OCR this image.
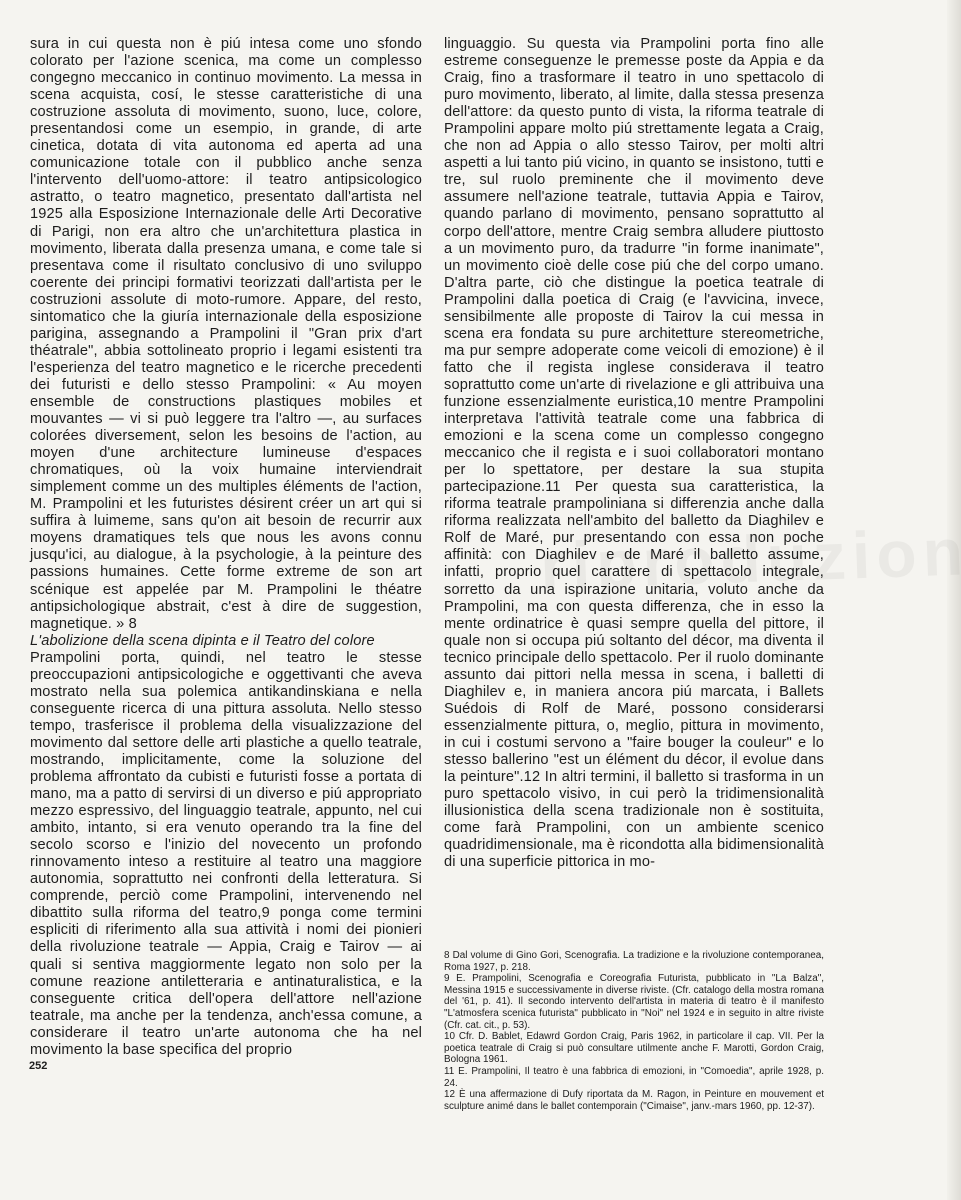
sura in cui questa non è piú intesa come uno sfondo colorato per l'azione scenica, ma come un complesso congegno meccanico in continuo movimento. La messa in scena acquista, cosí, le stesse caratteristiche di una costruzione assoluta di movimento, suono, luce, colore, presentandosi come un esempio, in grande, di arte cinetica, dotata di vita autonoma ed aperta ad una comunicazione totale con il pubblico anche senza l'intervento dell'uomo-attore: il teatro antipsicologico astratto, o teatro magnetico, presentato dall'artista nel 1925 alla Esposizione Internazionale delle Arti Decorative di Parigi, non era altro che un'architettura plastica in movimento, liberata dalla presenza umana, e come tale si presentava come il risultato conclusivo di uno sviluppo coerente dei principi formativi teorizzati dall'artista per le costruzioni assolute di moto-rumore. Appare, del resto, sintomatico che la giuría internazionale della esposizione parigina, assegnando a Prampolini il "Gran prix d'art théatrale", abbia sottolineato proprio i legami esistenti tra l'esperienza del teatro magnetico e le ricerche precedenti dei futuristi e dello stesso Prampolini: « Au moyen ensemble de constructions plastiques mobiles et mouvantes — vi si può leggere tra l'altro —, au surfaces colorées diversement, selon les besoins de l'action, au moyen d'une architecture lumineuse d'espaces chromatiques, où la voix humaine interviendrait simplement comme un des multiples éléments de l'action, M. Prampolini et les futuristes désirent créer un art qui si suffira à luimeme, sans qu'on ait besoin de recurrir aux moyens dramatiques tels que nous les avons connu jusqu'ici, au dialogue, à la psychologie, à la peinture des passions humaines. Cette forme extreme de son art scénique est appelée par M. Prampolini le théatre antipsichologique abstrait, c'est à dire de suggestion, magnetique. » 8

L'abolizione della scena dipinta e il Teatro del colore

Prampolini porta, quindi, nel teatro le stesse preoccupazioni antipsicologiche e oggettivanti che aveva mostrato nella sua polemica antikandinskiana e nella conseguente ricerca di una pittura assoluta. Nello stesso tempo, trasferisce il problema della visualizzazione del movimento dal settore delle arti plastiche a quello teatrale, mostrando, implicitamente, come la soluzione del problema affrontato da cubisti e futuristi fosse a portata di mano, ma a patto di servirsi di un diverso e piú appropriato mezzo espressivo, del linguaggio teatrale, appunto, nel cui ambito, intanto, si era venuto operando tra la fine del secolo scorso e l'inizio del novecento un profondo rinnovamento inteso a restituire al teatro una maggiore autonomia, soprattutto nei confronti della letteratura. Si comprende, perciò come Prampolini, intervenendo nel dibattito sulla riforma del teatro,9 ponga come termini espliciti di riferimento alla sua attività i nomi dei pionieri della rivoluzione teatrale — Appia, Craig e Tairov — ai quali si sentiva maggiormente legato non solo per la comune reazione antiletteraria e antinaturalistica, e la conseguente critica dell'opera dell'attore nell'azione teatrale, ma anche per la tendenza, anch'essa comune, a considerare il teatro un'arte autonoma che ha nel movimento la base specifica del proprio

linguaggio. Su questa via Prampolini porta fino alle estreme conseguenze le premesse poste da Appia e da Craig, fino a trasformare il teatro in uno spettacolo di puro movimento, liberato, al limite, dalla stessa presenza dell'attore: da questo punto di vista, la riforma teatrale di Prampolini appare molto piú strettamente legata a Craig, che non ad Appia o allo stesso Tairov, per molti altri aspetti a lui tanto piú vicino, in quanto se insistono, tutti e tre, sul ruolo preminente che il movimento deve assumere nell'azione teatrale, tuttavia Appia e Tairov, quando parlano di movimento, pensano soprattutto al corpo dell'attore, mentre Craig sembra alludere piuttosto a un movimento puro, da tradurre "in forme inanimate", un movimento cioè delle cose piú che del corpo umano. D'altra parte, ciò che distingue la poetica teatrale di Prampolini dalla poetica di Craig (e l'avvicina, invece, sensibilmente alle proposte di Tairov la cui messa in scena era fondata su pure architetture stereometriche, ma pur sempre adoperate come veicoli di emozione) è il fatto che il regista inglese considerava il teatro soprattutto come un'arte di rivelazione e gli attribuiva una funzione essenzialmente euristica,10 mentre Prampolini interpretava l'attività teatrale come una fabbrica di emozioni e la scena come un complesso congegno meccanico che il regista e i suoi collaboratori montano per lo spettatore, per destare la sua stupita partecipazione.11 Per questa sua caratteristica, la riforma teatrale prampoliniana si differenzia anche dalla riforma realizzata nell'ambito del balletto da Diaghilev e Rolf de Maré, pur presentando con essa non poche affinità: con Diaghilev e de Maré il balletto assume, infatti, proprio quel carattere di spettacolo integrale, sorretto da una ispirazione unitaria, voluto anche da Prampolini, ma con questa differenza, che in esso la mente ordinatrice è quasi sempre quella del pittore, il quale non si occupa piú soltanto del décor, ma diventa il tecnico principale dello spettacolo. Per il ruolo dominante assunto dai pittori nella messa in scena, i balletti di Diaghilev e, in maniera ancora piú marcata, i Ballets Suédois di Rolf de Maré, possono considerarsi essenzialmente pittura, o, meglio, pittura in movimento, in cui i costumi servono a "faire bouger la couleur" e lo stesso ballerino "est un élément du décor, il evolue dans la peinture".12 In altri termini, il balletto si trasforma in un puro spettacolo visivo, in cui però la tridimensionalità illusionistica della scena tradizionale non è sostituita, come farà Prampolini, con un ambiente scenico quadridimensionale, ma è ricondotta alla bidimensionalità di una superficie pittorica in mo-

8 Dal volume di Gino Gori, Scenografia. La tradizione e la rivoluzione contemporanea, Roma 1927, p. 218.

9 E. Prampolini, Scenografia e Coreografia Futurista, pubblicato in "La Balza", Messina 1915 e successivamente in diverse riviste. (Cfr. catalogo della mostra romana del '61, p. 41). Il secondo intervento dell'artista in materia di teatro è il manifesto "L'atmosfera scenica futurista" pubblicato in "Noi" nel 1924 e in seguito in altre riviste (Cfr. cat. cit., p. 53).

10 Cfr. D. Bablet, Edawrd Gordon Craig, Paris 1962, in particolare il cap. VII. Per la poetica teatrale di Craig si può consultare utilmente anche F. Marotti, Gordon Craig, Bologna 1961.

11 E. Prampolini, Il teatro è una fabbrica di emozioni, in "Comoedia", aprile 1928, p. 24.

12 È una affermazione di Dufy riportata da M. Ragon, in Peinture en mouvement et sculpture animé dans le ballet contemporain ("Cimaise", janv.-mars 1960, pp. 12-37).

252
